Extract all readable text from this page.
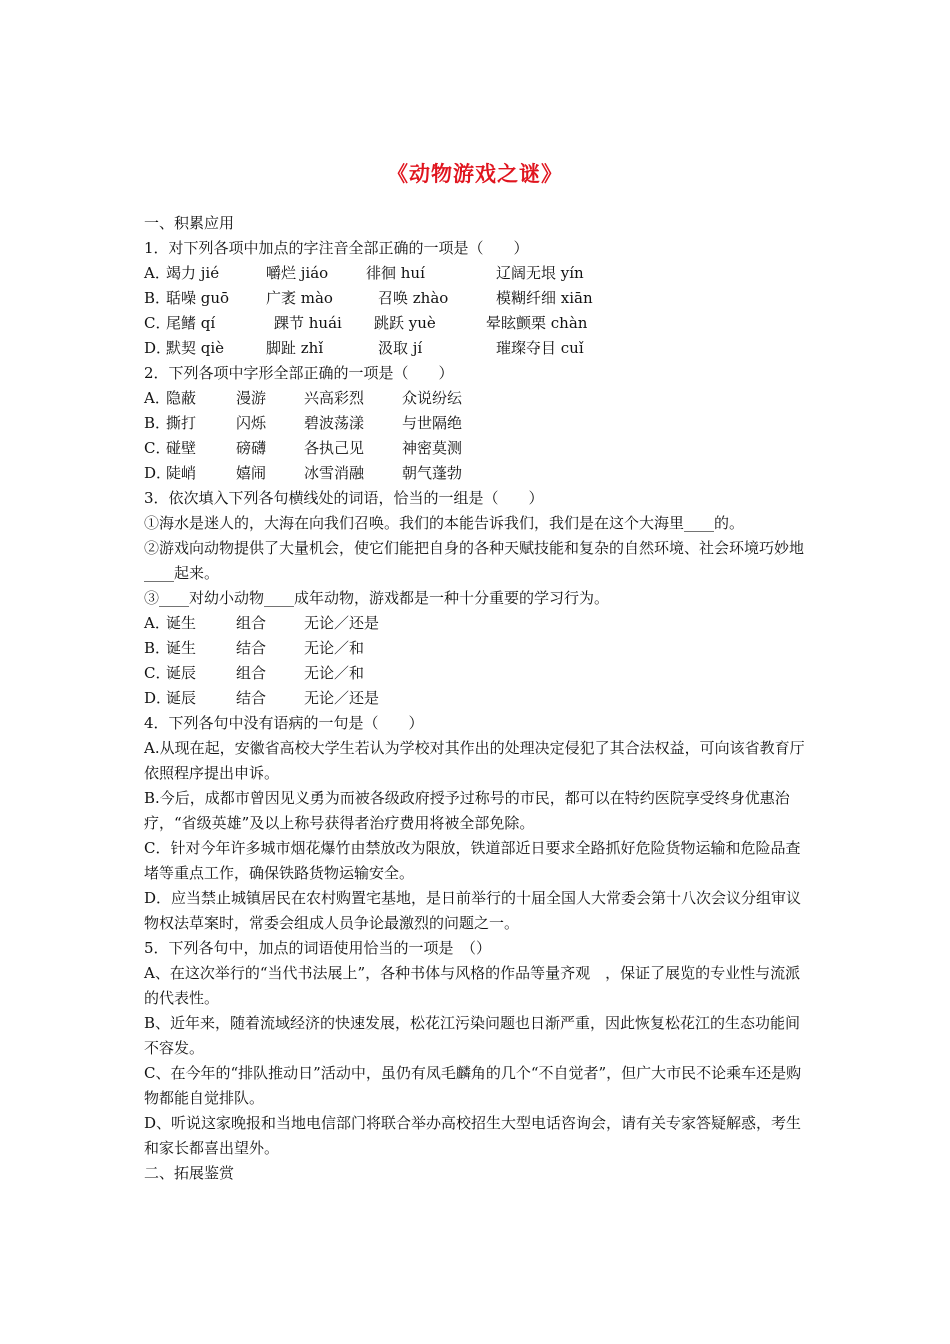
《动物游戏之谜》
一、积累应用
1．对下列各项中加点的字注音全部正确的一项是（　　）
A．竭力 jié	嚼烂 jiáo	徘徊 huí	辽阔无垠 yín
B．聒噪 guō 广袤 mào	召唤 zhào	模糊纤细 xiān
C．尾鳍 qí	踝节 huái 跳跃 yuè	晕眩颤栗 chàn
D．默契 qiè	脚趾 zhǐ	汲取 jí	璀璨夺目 cuǐ
2．下列各项中字形全部正确的一项是（　　）
A．隐蔽	漫游	兴高彩烈	众说纷纭
B．撕打	闪烁	碧波荡漾	与世隔绝
C．碰壁	磅礴	各执己见	神密莫测
D．陡峭	嬉闹	冰雪消融	朝气蓬勃
3．依次填入下列各句横线处的词语，恰当的一组是（　　）
①海水是迷人的，大海在向我们召唤。我们的本能告诉我们，我们是在这个大海里____的。
②游戏向动物提供了大量机会，使它们能把自身的各种天赋技能和复杂的自然环境、社会环境巧妙地____起来。
③____对幼小动物____成年动物，游戏都是一种十分重要的学习行为。
A．诞生	组合	无论／还是
B．诞生	结合	无论／和
C．诞辰	组合	无论／和
D．诞辰	结合	无论／还是
4．下列各句中没有语病的一句是（　　）
A.从现在起，安徽省高校大学生若认为学校对其作出的处理决定侵犯了其合法权益，可向该省教育厅依照程序提出申诉。
B.今后，成都市曾因见义勇为而被各级政府授予过称号的市民，都可以在特约医院享受终身优惠治疗，“省级英雄”及以上称号获得者治疗费用将被全部免除。
C．针对今年许多城市烟花爆竹由禁放改为限放，铁道部近日要求全路抓好危险货物运输和危险品查堵等重点工作，确保铁路货物运输安全。
D．应当禁止城镇居民在农村购置宅基地，是日前举行的十届全国人大常委会第十八次会议分组审议物权法草案时，常委会组成人员争论最激烈的问题之一。
5．下列各句中，加点的词语使用恰当的一项是　（）
A、在这次举行的“当代书法展上”，各种书体与风格的作品等量齐观　，保证了展览的专业性与流派的代表性。
B、近年来，随着流域经济的快速发展，松花江污染问题也日渐严重，因此恢复松花江的生态功能间不容发。
C、在今年的“排队推动日”活动中，虽仍有凤毛麟角的几个“不自觉者”，但广大市民不论乘车还是购物都能自觉排队。
D、听说这家晚报和当地电信部门将联合举办高校招生大型电话咨询会，请有关专家答疑解惑，考生和家长都喜出望外。
二、拓展鉴赏
